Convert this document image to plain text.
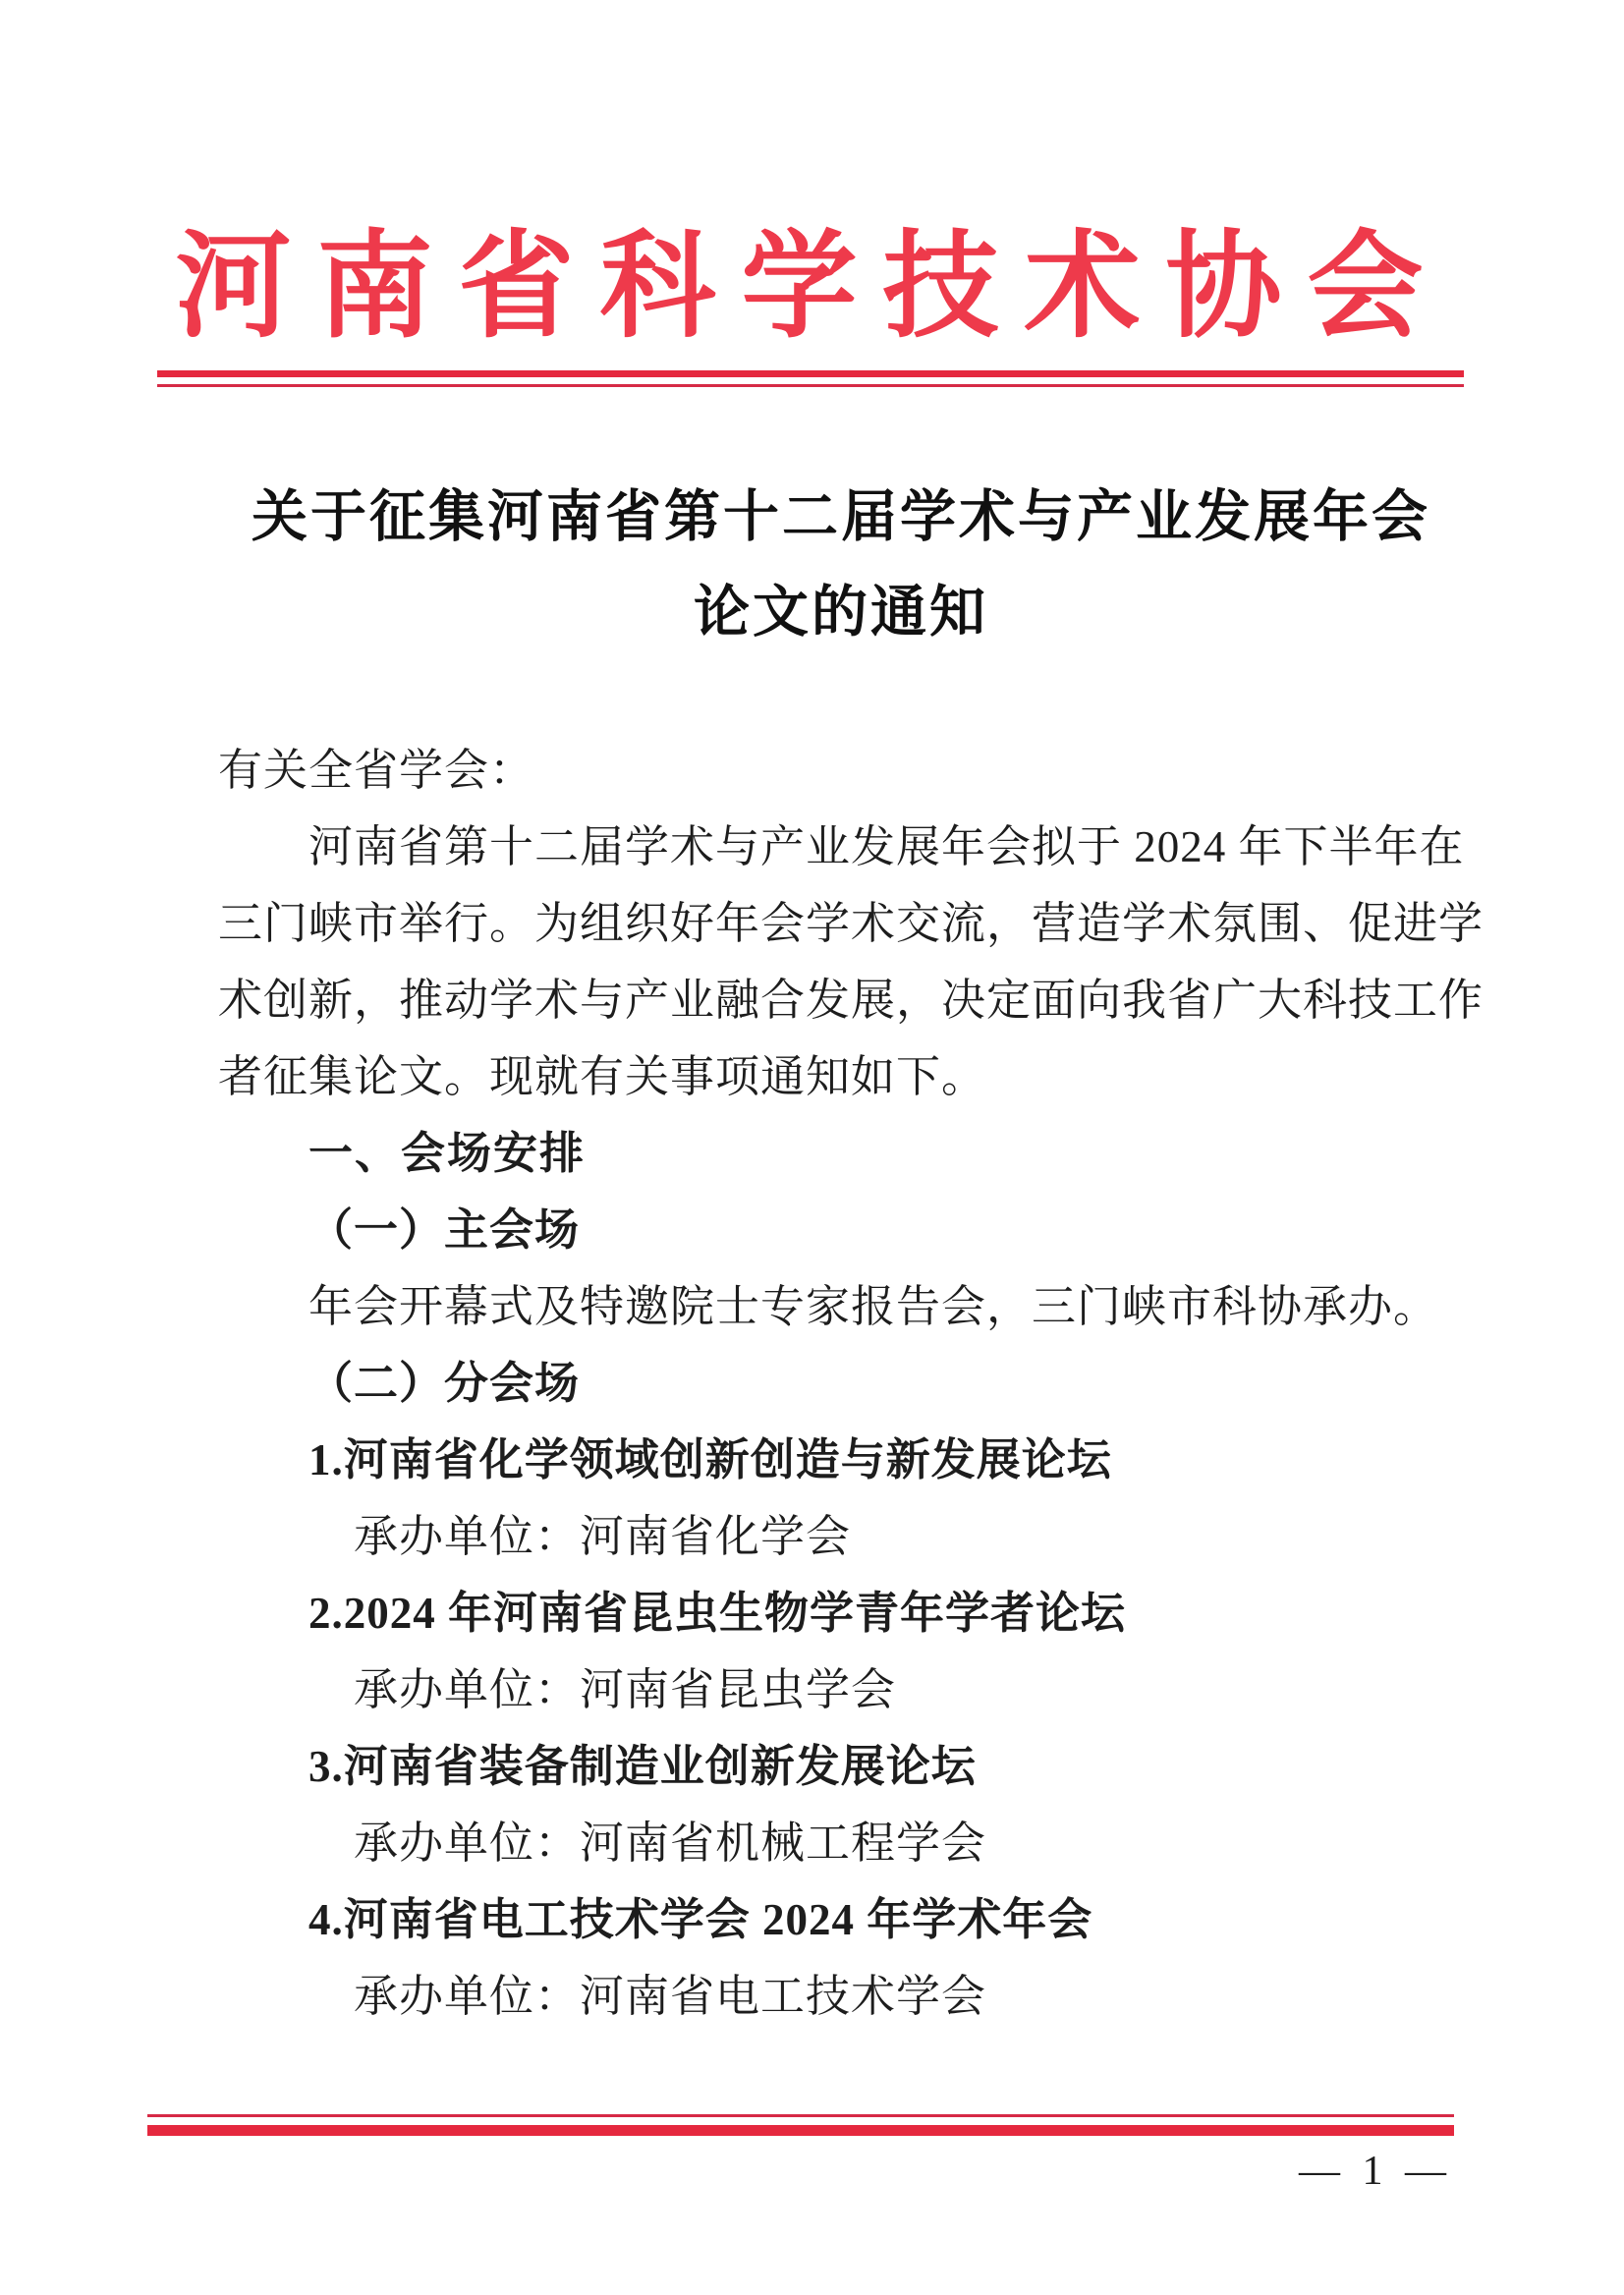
河南省科学技术协会
关于征集河南省第十二届学术与产业发展年会
论文的通知
有关全省学会：
河南省第十二届学术与产业发展年会拟于 2024 年下半年在
三门峡市举行。为组织好年会学术交流，营造学术氛围、促进学
术创新，推动学术与产业融合发展，决定面向我省广大科技工作
者征集论文。现就有关事项通知如下。
一、会场安排
（一）主会场
年会开幕式及特邀院士专家报告会，三门峡市科协承办。
（二）分会场
1.河南省化学领域创新创造与新发展论坛
承办单位：河南省化学会
2.2024 年河南省昆虫生物学青年学者论坛
承办单位：河南省昆虫学会
3.河南省装备制造业创新发展论坛
承办单位：河南省机械工程学会
4.河南省电工技术学会 2024 年学术年会
承办单位：河南省电工技术学会
— 1 —
